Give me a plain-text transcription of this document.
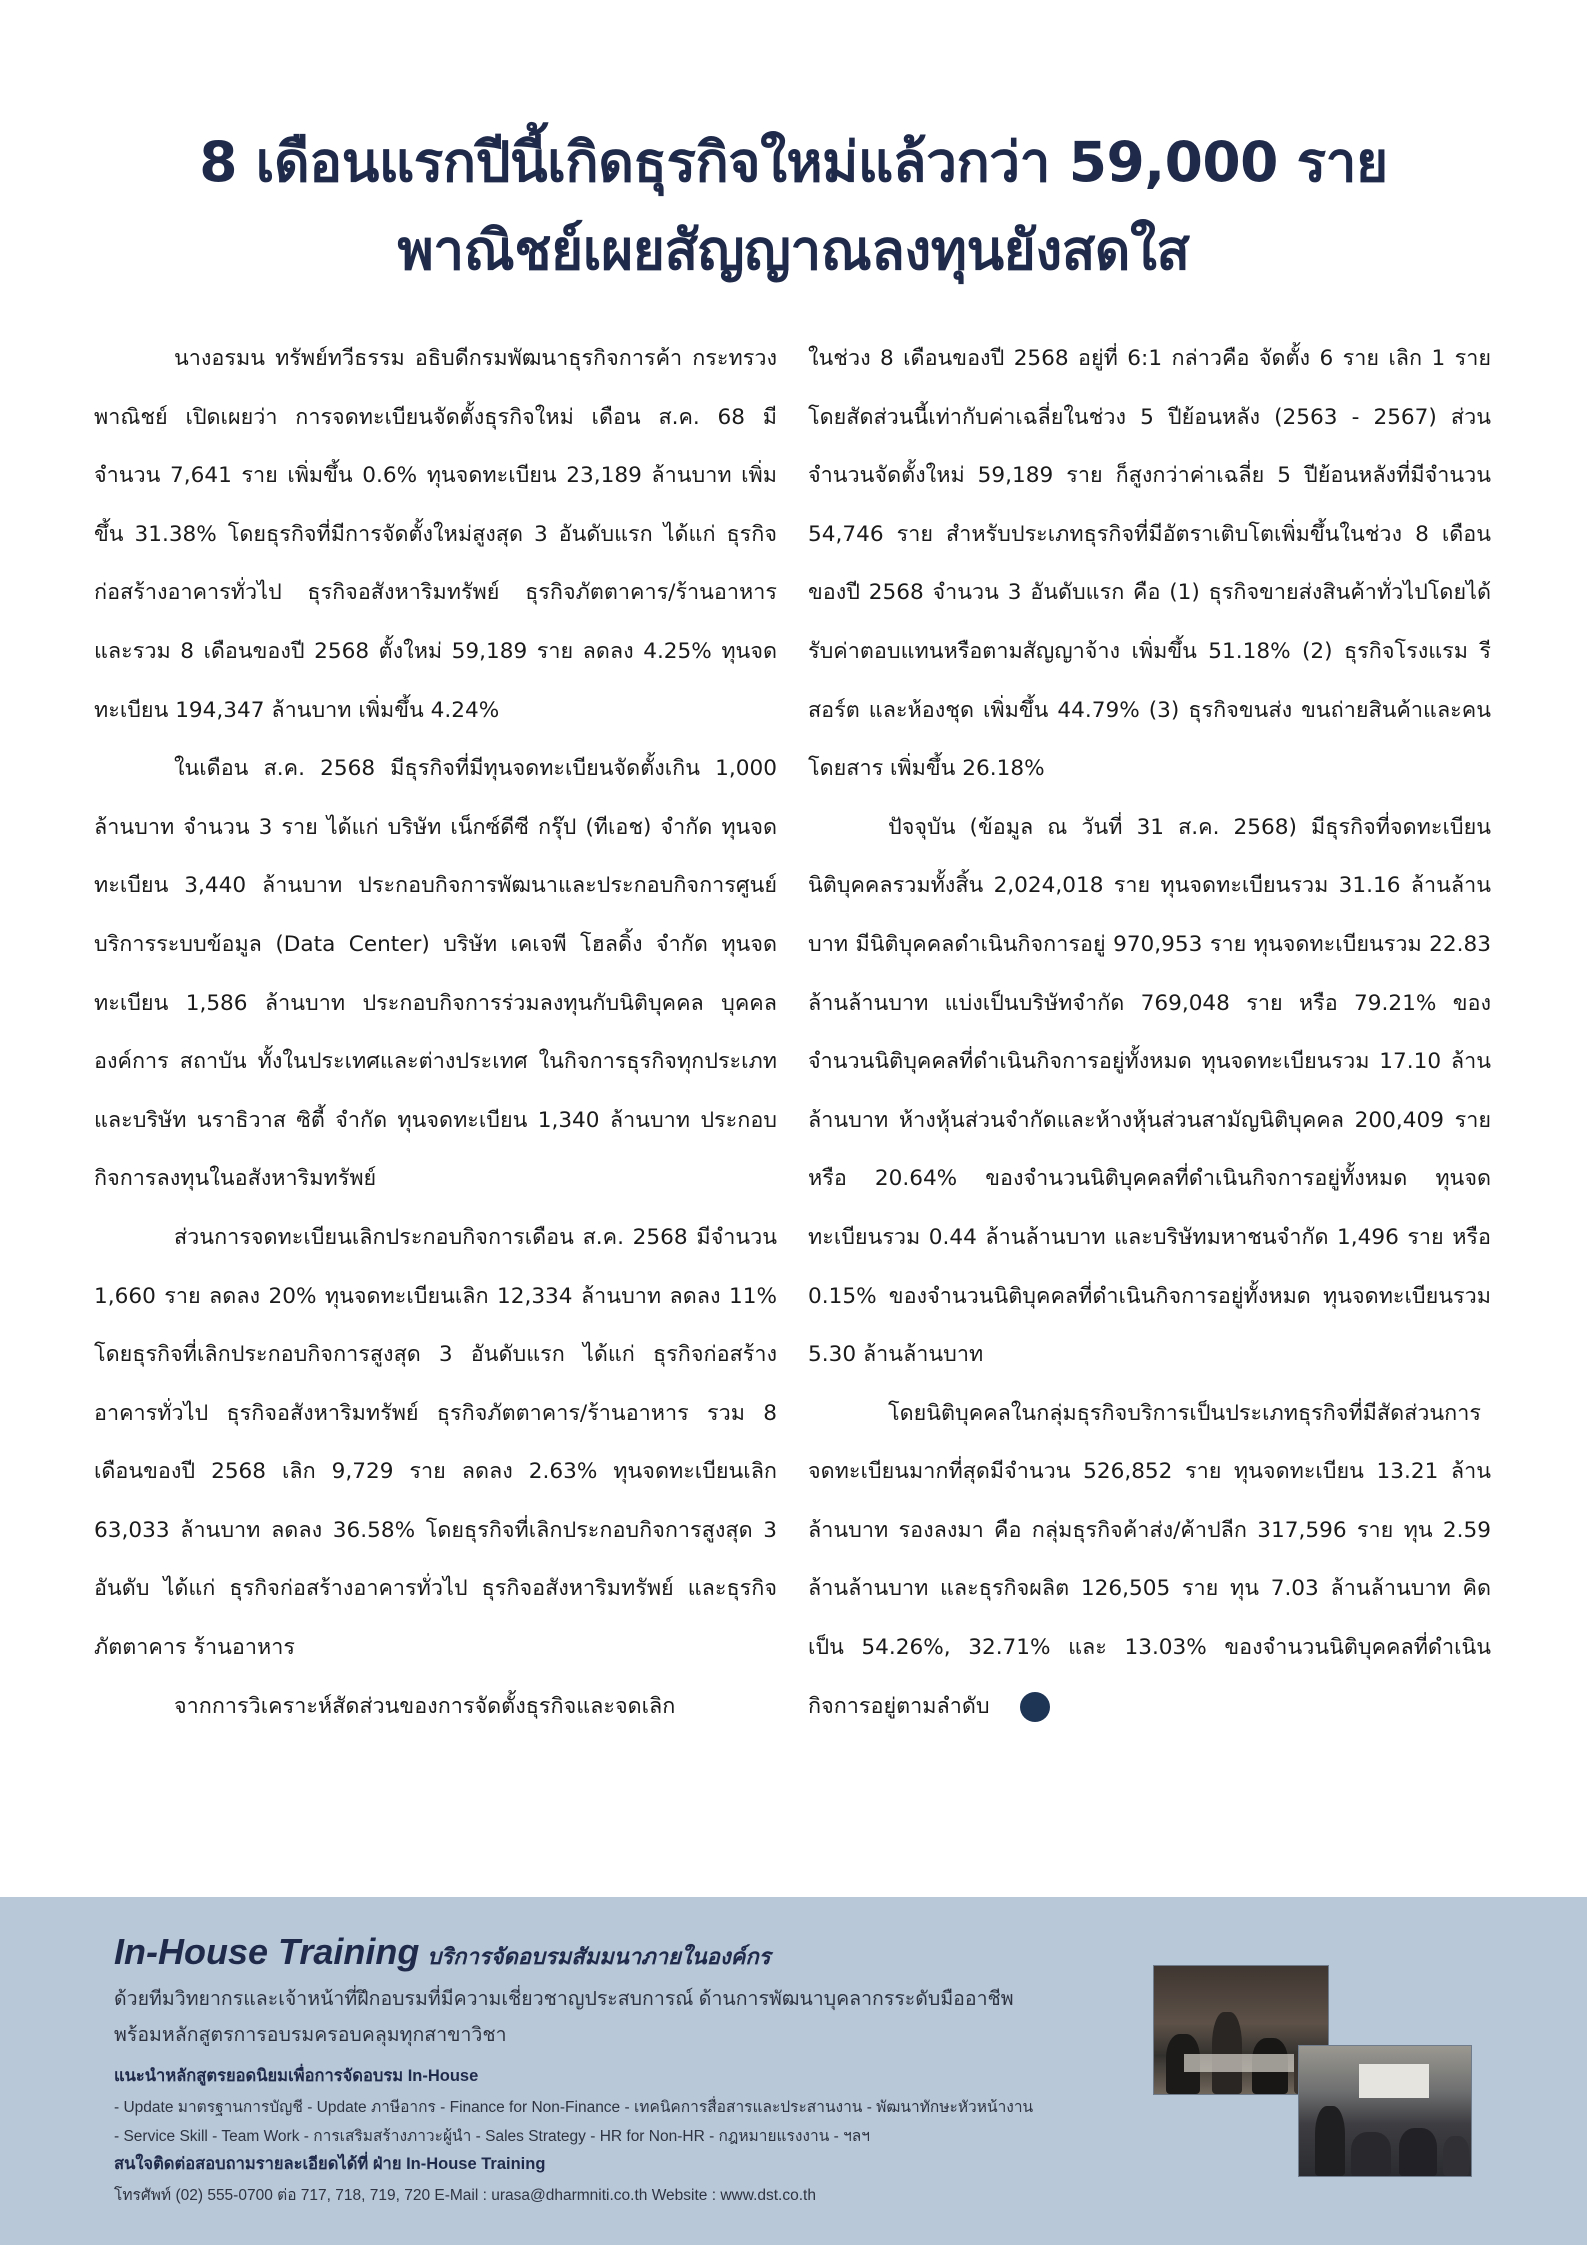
8 เดือนแรกปีนี้เกิดธุรกิจใหม่แล้วกว่า 59,000 ราย
พาณิชย์เผยสัญญาณลงทุนยังสดใส

นางอรมน ทรัพย์ทวีธรรม อธิบดีกรมพัฒนาธุรกิจการค้า กระทรวงพาณิชย์ เปิดเผยว่า การจดทะเบียนจัดตั้งธุรกิจใหม่ เดือน ส.ค. 68 มีจำนวน 7,641 ราย เพิ่มขึ้น 0.6% ทุนจดทะเบียน 23,189 ล้านบาท เพิ่มขึ้น 31.38% โดยธุรกิจที่มีการจัดตั้งใหม่สูงสุด 3 อันดับแรก ได้แก่ ธุรกิจก่อสร้างอาคารทั่วไป ธุรกิจอสังหาริมทรัพย์ ธุรกิจภัตตาคาร/ร้านอาหาร และรวม 8 เดือนของปี 2568 ตั้งใหม่ 59,189 ราย ลดลง 4.25% ทุนจดทะเบียน 194,347 ล้านบาท เพิ่มขึ้น 4.24%

ในเดือน ส.ค. 2568 มีธุรกิจที่มีทุนจดทะเบียนจัดตั้งเกิน 1,000 ล้านบาท จำนวน 3 ราย ได้แก่ บริษัท เน็กซ์ดีซี กรุ๊ป (ทีเอช) จำกัด ทุนจดทะเบียน 3,440 ล้านบาท ประกอบกิจการพัฒนาและประกอบกิจการศูนย์บริการระบบข้อมูล (Data Center) บริษัท เคเจพี โฮลดิ้ง จำกัด ทุนจดทะเบียน 1,586 ล้านบาท ประกอบกิจการร่วมลงทุนกับนิติบุคคล บุคคล องค์การ สถาบัน ทั้งในประเทศและต่างประเทศ ในกิจการธุรกิจทุกประเภท และบริษัท นราธิวาส ซิตี้ จำกัด ทุนจดทะเบียน 1,340 ล้านบาท ประกอบกิจการลงทุนในอสังหาริมทรัพย์

ส่วนการจดทะเบียนเลิกประกอบกิจการเดือน ส.ค. 2568 มีจำนวน 1,660 ราย ลดลง 20% ทุนจดทะเบียนเลิก 12,334 ล้านบาท ลดลง 11% โดยธุรกิจที่เลิกประกอบกิจการสูงสุด 3 อันดับแรก ได้แก่ ธุรกิจก่อสร้างอาคารทั่วไป ธุรกิจอสังหาริมทรัพย์ ธุรกิจภัตตาคาร/ร้านอาหาร รวม 8 เดือนของปี 2568 เลิก 9,729 ราย ลดลง 2.63% ทุนจดทะเบียนเลิก 63,033 ล้านบาท ลดลง 36.58% โดยธุรกิจที่เลิกประกอบกิจการสูงสุด 3 อันดับ ได้แก่ ธุรกิจก่อสร้างอาคารทั่วไป ธุรกิจอสังหาริมทรัพย์ และธุรกิจภัตตาคาร ร้านอาหาร

จากการวิเคราะห์สัดส่วนของการจัดตั้งธุรกิจและจดเลิก

ในช่วง 8 เดือนของปี 2568 อยู่ที่ 6:1 กล่าวคือ จัดตั้ง 6 ราย เลิก 1 ราย โดยสัดส่วนนี้เท่ากับค่าเฉลี่ยในช่วง 5 ปีย้อนหลัง (2563 - 2567) ส่วนจำนวนจัดตั้งใหม่ 59,189 ราย ก็สูงกว่าค่าเฉลี่ย 5 ปีย้อนหลังที่มีจำนวน 54,746 ราย สำหรับประเภทธุรกิจที่มีอัตราเติบโตเพิ่มขึ้นในช่วง 8 เดือนของปี 2568 จำนวน 3 อันดับแรก คือ (1) ธุรกิจขายส่งสินค้าทั่วไปโดยได้รับค่าตอบแทนหรือตามสัญญาจ้าง เพิ่มขึ้น 51.18% (2) ธุรกิจโรงแรม รีสอร์ต และห้องชุด เพิ่มขึ้น 44.79% (3) ธุรกิจขนส่ง ขนถ่ายสินค้าและคนโดยสาร เพิ่มขึ้น 26.18%

ปัจจุบัน (ข้อมูล ณ วันที่ 31 ส.ค. 2568) มีธุรกิจที่จดทะเบียนนิติบุคคลรวมทั้งสิ้น 2,024,018 ราย ทุนจดทะเบียนรวม 31.16 ล้านล้านบาท มีนิติบุคคลดำเนินกิจการอยู่ 970,953 ราย ทุนจดทะเบียนรวม 22.83 ล้านล้านบาท แบ่งเป็นบริษัทจำกัด 769,048 ราย หรือ 79.21% ของจำนวนนิติบุคคลที่ดำเนินกิจการอยู่ทั้งหมด ทุนจดทะเบียนรวม 17.10 ล้านล้านบาท ห้างหุ้นส่วนจำกัดและห้างหุ้นส่วนสามัญนิติบุคคล 200,409 ราย หรือ 20.64% ของจำนวนนิติบุคคลที่ดำเนินกิจการอยู่ทั้งหมด ทุนจดทะเบียนรวม 0.44 ล้านล้านบาท และบริษัทมหาชนจำกัด 1,496 ราย หรือ 0.15% ของจำนวนนิติบุคคลที่ดำเนินกิจการอยู่ทั้งหมด ทุนจดทะเบียนรวม 5.30 ล้านล้านบาท

โดยนิติบุคคลในกลุ่มธุรกิจบริการเป็นประเภทธุรกิจที่มีสัดส่วนการจดทะเบียนมากที่สุดมีจำนวน 526,852 ราย ทุนจดทะเบียน 13.21 ล้านล้านบาท รองลงมา คือ กลุ่มธุรกิจค้าส่ง/ค้าปลีก 317,596 ราย ทุน 2.59 ล้านล้านบาท และธุรกิจผลิต 126,505 ราย ทุน 7.03 ล้านล้านบาท คิดเป็น 54.26%, 32.71% และ 13.03% ของจำนวนนิติบุคคลที่ดำเนินกิจการอยู่ตามลำดับ	∿

In-House Training บริการจัดอบรมสัมมนาภายในองค์กร
ด้วยทีมวิทยากรและเจ้าหน้าที่ฝึกอบรมที่มีความเชี่ยวชาญประสบการณ์ ด้านการพัฒนาบุคลากรระดับมืออาชีพ
พร้อมหลักสูตรการอบรมครอบคลุมทุกสาขาวิชา
แนะนำหลักสูตรยอดนิยมเพื่อการจัดอบรม In-House
- Update มาตรฐานการบัญชี - Update ภาษีอากร - Finance for Non-Finance - เทคนิคการสื่อสารและประสานงาน - พัฒนาทักษะหัวหน้างาน
- Service Skill - Team Work - การเสริมสร้างภาวะผู้นำ - Sales Strategy - HR for Non-HR - กฎหมายแรงงาน - ฯลฯ
สนใจติดต่อสอบถามรายละเอียดได้ที่ ฝ่าย In-House Training
โทรศัพท์ (02) 555-0700 ต่อ 717, 718, 719, 720 E-Mail : urasa@dharmniti.co.th Website : www.dst.co.th
